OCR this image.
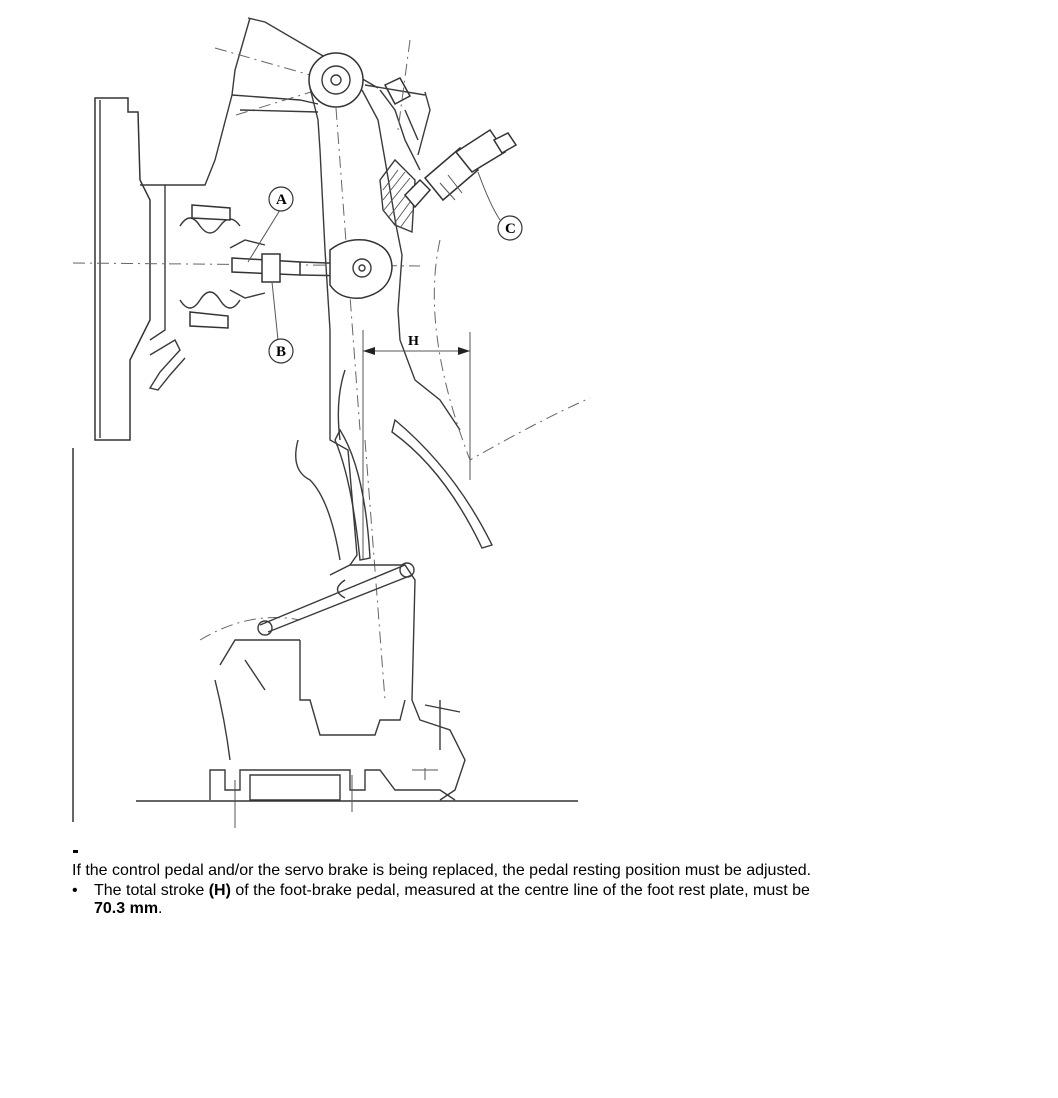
H
A
B
C
If the control pedal and/or the servo brake is being replaced, the pedal resting position must be adjusted.
• The total stroke (H) of the foot-brake pedal, measured at the centre line of the foot rest plate, must be
70.3 mm.
